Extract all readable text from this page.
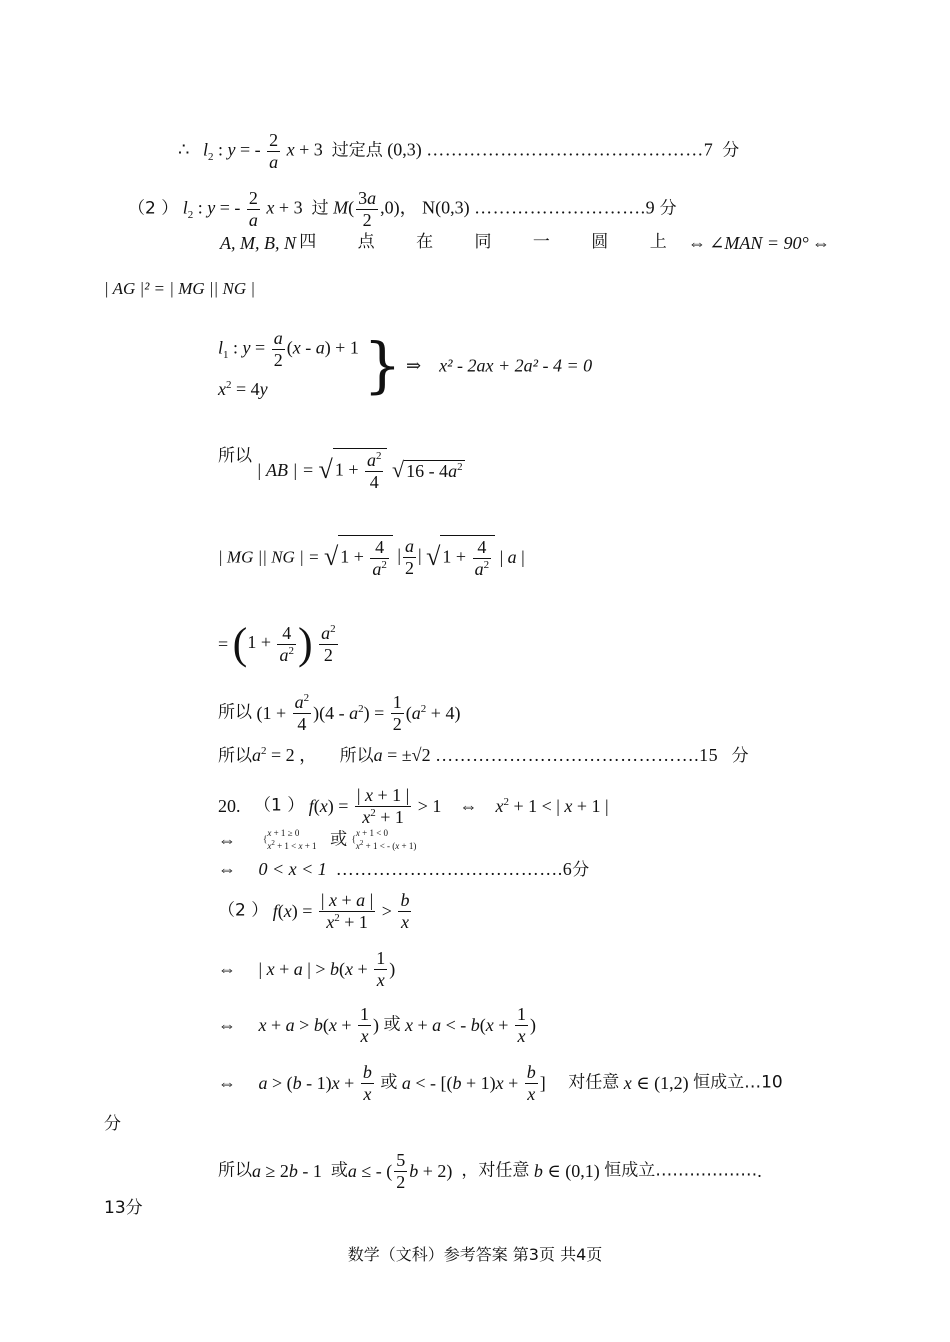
∴ $l_2$ : y = - $\frac{2}{a}$ x + 3  过定点 (0,3) ………………………………………7 分
（2 ） $l_2$ : y = - $\frac{2}{a}$ x + 3  过 $M( \frac{3a}{2} ,0)$， N(0,3) ……………………….9 分
A, M, B, N 四 点 在 同 一 圆 上 ⇔ ∠MAN = 90° ⇔
| AG |² = | MG || NG |
$l_1$ : $y = \frac{a}{2} (x - a) + 1$
$x^2 = 4y$	} ⇒ x² - 2ax + 2a² - 4 = 0
所以 | AB | = √ $1 + \frac{a^2}{4}$ √ $16 - 4a^2$
| MG || NG | = √ $1 + \frac{4}{a^2}$ | $\frac{a}{2}$ | √ $1 + \frac{4}{a^2}$ | a |
= ($1 + \frac{4}{a^2}$ ) $\frac{a^2}{2}$
所以 $(1 + \frac{a^2}{4} )(4 - a^2) = \frac{1}{2} (a^2 + 4)$
所以$a^2 = 2$ ，     所以a = ±√2 …………………………………….15 分
20. （1 ） $f(x) = \frac{| x + 1 |}{x^2 + 1} > 1$    ⇔ $x^2 + 1$ < | x + 1 |
⇔	{x + 1 ≥ 0
$x^2 + 1 < x + 1$ 或 {x + 1 < 0
$x^2 + 1$ < - (x + 1)
⇔ 0 < x < 1 ……………………………….6分
（2 ） $f(x) = \frac{| x + a |}{x^2 + 1} > \frac{b}{x}$
⇔     | x + a | > $b(x + \frac{1}{x}$ )
⇔ $x + a > b(x + \frac{1}{x}$ ) 或 x + a < - $b(x + \frac{1}{x}$ )
⇔ $a > (b - 1)x + \frac{b}{x}$ 或 a < - [$(b + 1)x + \frac{b}{x}$ ] 对任意 x ∈ (1,2) 恒成立…10
分
所以a ≥ 2b - 1  或a ≤ - ( $\frac{5}{2}$ b + 2)  ，对任意 b ∈ (0,1) 恒成立……………….
13分
数学（文科）参考答案 第3页 共4页
